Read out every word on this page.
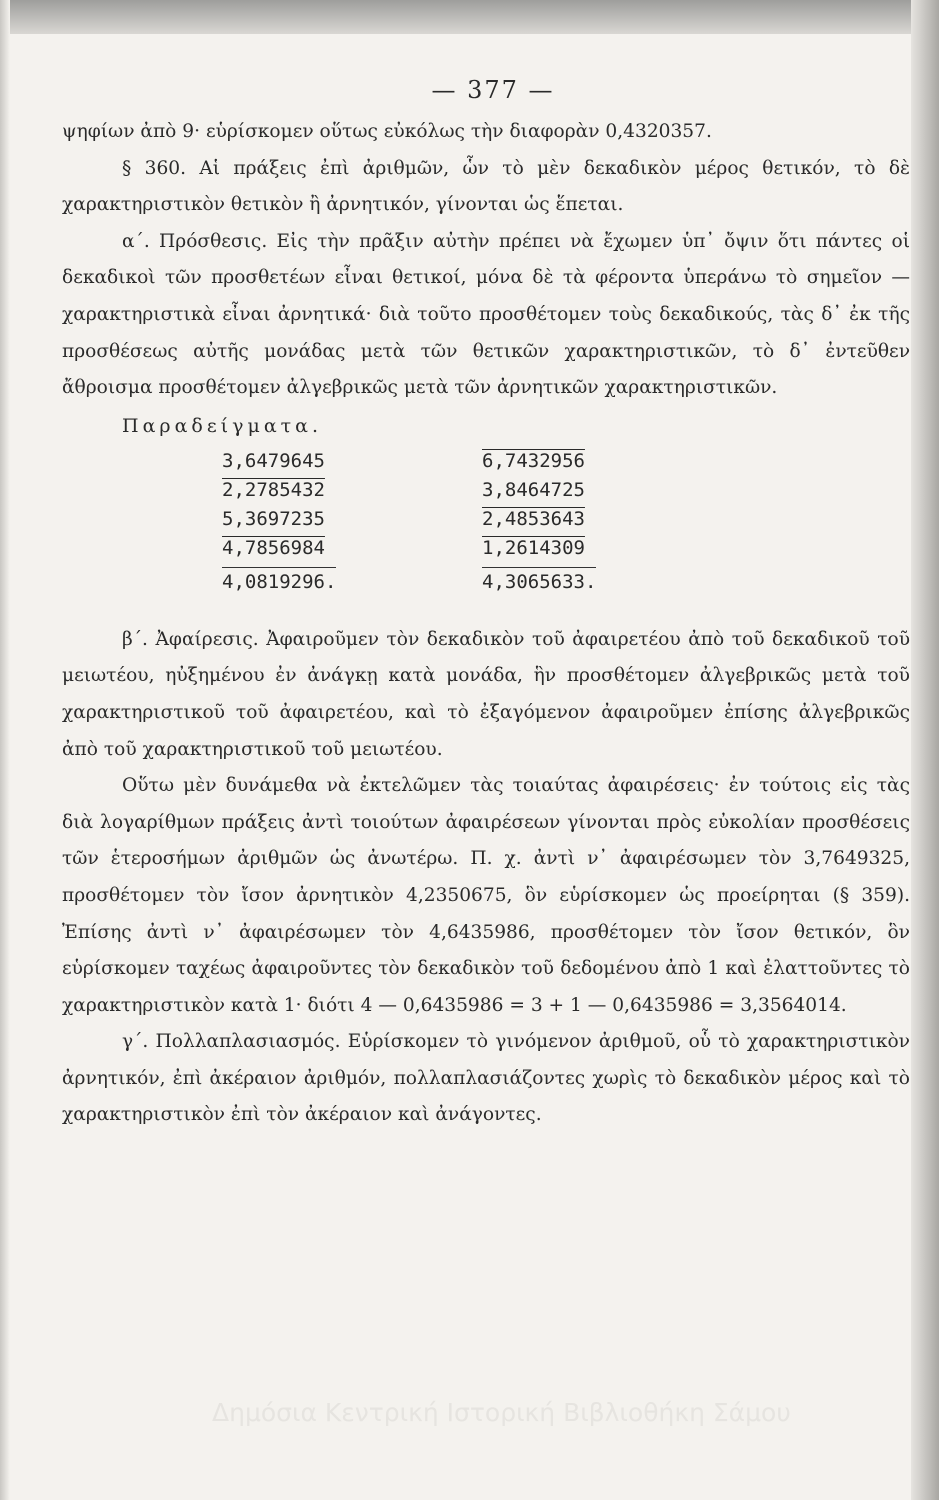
— 377 —

ψηφίων ἀπὸ 9· εὑρίσκομεν οὕτως εὐκόλως τὴν διαφορὰν 0,4320357.

§ 360. Αἱ πράξεις ἐπὶ ἀριθμῶν, ὧν τὸ μὲν δεκαδικὸν μέρος θετικόν, τὸ δὲ χαρακτηριστικὸν θετικὸν ἢ ἀρνητικόν, γίνονται ὡς ἕπεται.

α΄. Πρόσθεσις. Εἰς τὴν πρᾶξιν αὐτὴν πρέπει νὰ ἔχωμεν ὑπ᾽ ὄψιν ὅτι πάντες οἱ δεκαδικοὶ τῶν προσθετέων εἶναι θετικοί, μόνα δὲ τὰ φέροντα ὑπεράνω τὸ σημεῖον — χαρακτηριστικὰ εἶναι ἀρνητικά· διὰ τοῦτο προσθέτομεν τοὺς δεκαδικούς, τὰς δ᾽ ἐκ τῆς προσθέσεως αὐτῆς μονάδας μετὰ τῶν θετικῶν χαρακτηριστικῶν, τὸ δ᾽ ἐντεῦθεν ἄθροισμα προσθέτομεν ἀλγεβρικῶς μετὰ τῶν ἀρνητικῶν χαρακτηριστικῶν.

Παραδείγματα.
3,6479645
2,2785432
5,3697235
4,7856984
4,0819296.
6,7432956
3,8464725
2,4853643
1,2614309
4,3065633.

β΄. Ἀφαίρεσις. Ἀφαιροῦμεν τὸν δεκαδικὸν τοῦ ἀφαιρετέου ἀπὸ τοῦ δεκαδικοῦ τοῦ μειωτέου, ηὐξημένου ἐν ἀνάγκῃ κατὰ μονάδα, ἣν προσθέτομεν ἀλγεβρικῶς μετὰ τοῦ χαρακτηριστικοῦ τοῦ ἀφαιρετέου, καὶ τὸ ἐξαγόμενον ἀφαιροῦμεν ἐπίσης ἀλγεβρικῶς ἀπὸ τοῦ χαρακτηριστικοῦ τοῦ μειωτέου.

Οὕτω μὲν δυνάμεθα νὰ ἐκτελῶμεν τὰς τοιαύτας ἀφαιρέσεις· ἐν τούτοις εἰς τὰς διὰ λογαρίθμων πράξεις ἀντὶ τοιούτων ἀφαιρέσεων γίνονται πρὸς εὐκολίαν προσθέσεις τῶν ἑτεροσήμων ἀριθμῶν ὡς ἀνωτέρω. Π. χ. ἀντὶ ν᾽ ἀφαιρέσωμεν τὸν 3,7649325, προσθέτομεν τὸν ἴσον ἀρνητικὸν 4,2350675, ὃν εὑρίσκομεν ὡς προείρηται (§ 359). Ἐπίσης ἀντὶ ν᾽ ἀφαιρέσωμεν τὸν 4,6435986, προσθέτομεν τὸν ἴσον θετικόν, ὃν εὑρίσκομεν ταχέως ἀφαιροῦντες τὸν δεκαδικὸν τοῦ δεδομένου ἀπὸ 1 καὶ ἐλαττοῦντες τὸ χαρακτηριστικὸν κατὰ 1· διότι 4 — 0,6435986 = 3 + 1 — 0,6435986 = 3,3564014.

γ΄. Πολλαπλασιασμός. Εὑρίσκομεν τὸ γινόμενον ἀριθμοῦ, οὗ τὸ χαρακτηριστικὸν ἀρνητικόν, ἐπὶ ἀκέραιον ἀριθμόν, πολλαπλασιάζοντες χωρὶς τὸ δεκαδικὸν μέρος καὶ τὸ χαρακτηριστικὸν ἐπὶ τὸν ἀκέραιον καὶ ἀνάγοντες.

Δημόσια Κεντρική Ιστορική Βιβλιοθήκη Σάμου
